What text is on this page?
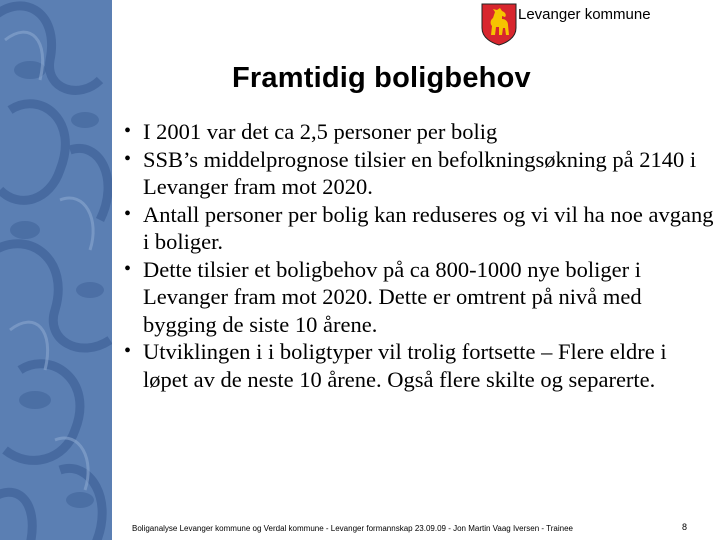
Levanger kommune
Framtidig boligbehov
• I 2001 var det ca 2,5 personer per bolig
• SSB’s middelprognose tilsier en befolkningsøkning på 2140 i Levanger fram mot 2020.
• Antall personer per bolig kan reduseres og vi vil ha noe avgang i boliger.
• Dette tilsier et boligbehov på ca 800-1000 nye boliger i Levanger fram mot 2020. Dette er omtrent på nivå med bygging de siste 10 årene.
• Utviklingen i i boligtyper vil trolig fortsette – Flere eldre i løpet av de neste 10 årene. Også flere skilte og separerte.
Boliganalyse Levanger kommune og Verdal kommune - Levanger formannskap 23.09.09 - Jon Martin Vaag Iversen - Trainee	8
